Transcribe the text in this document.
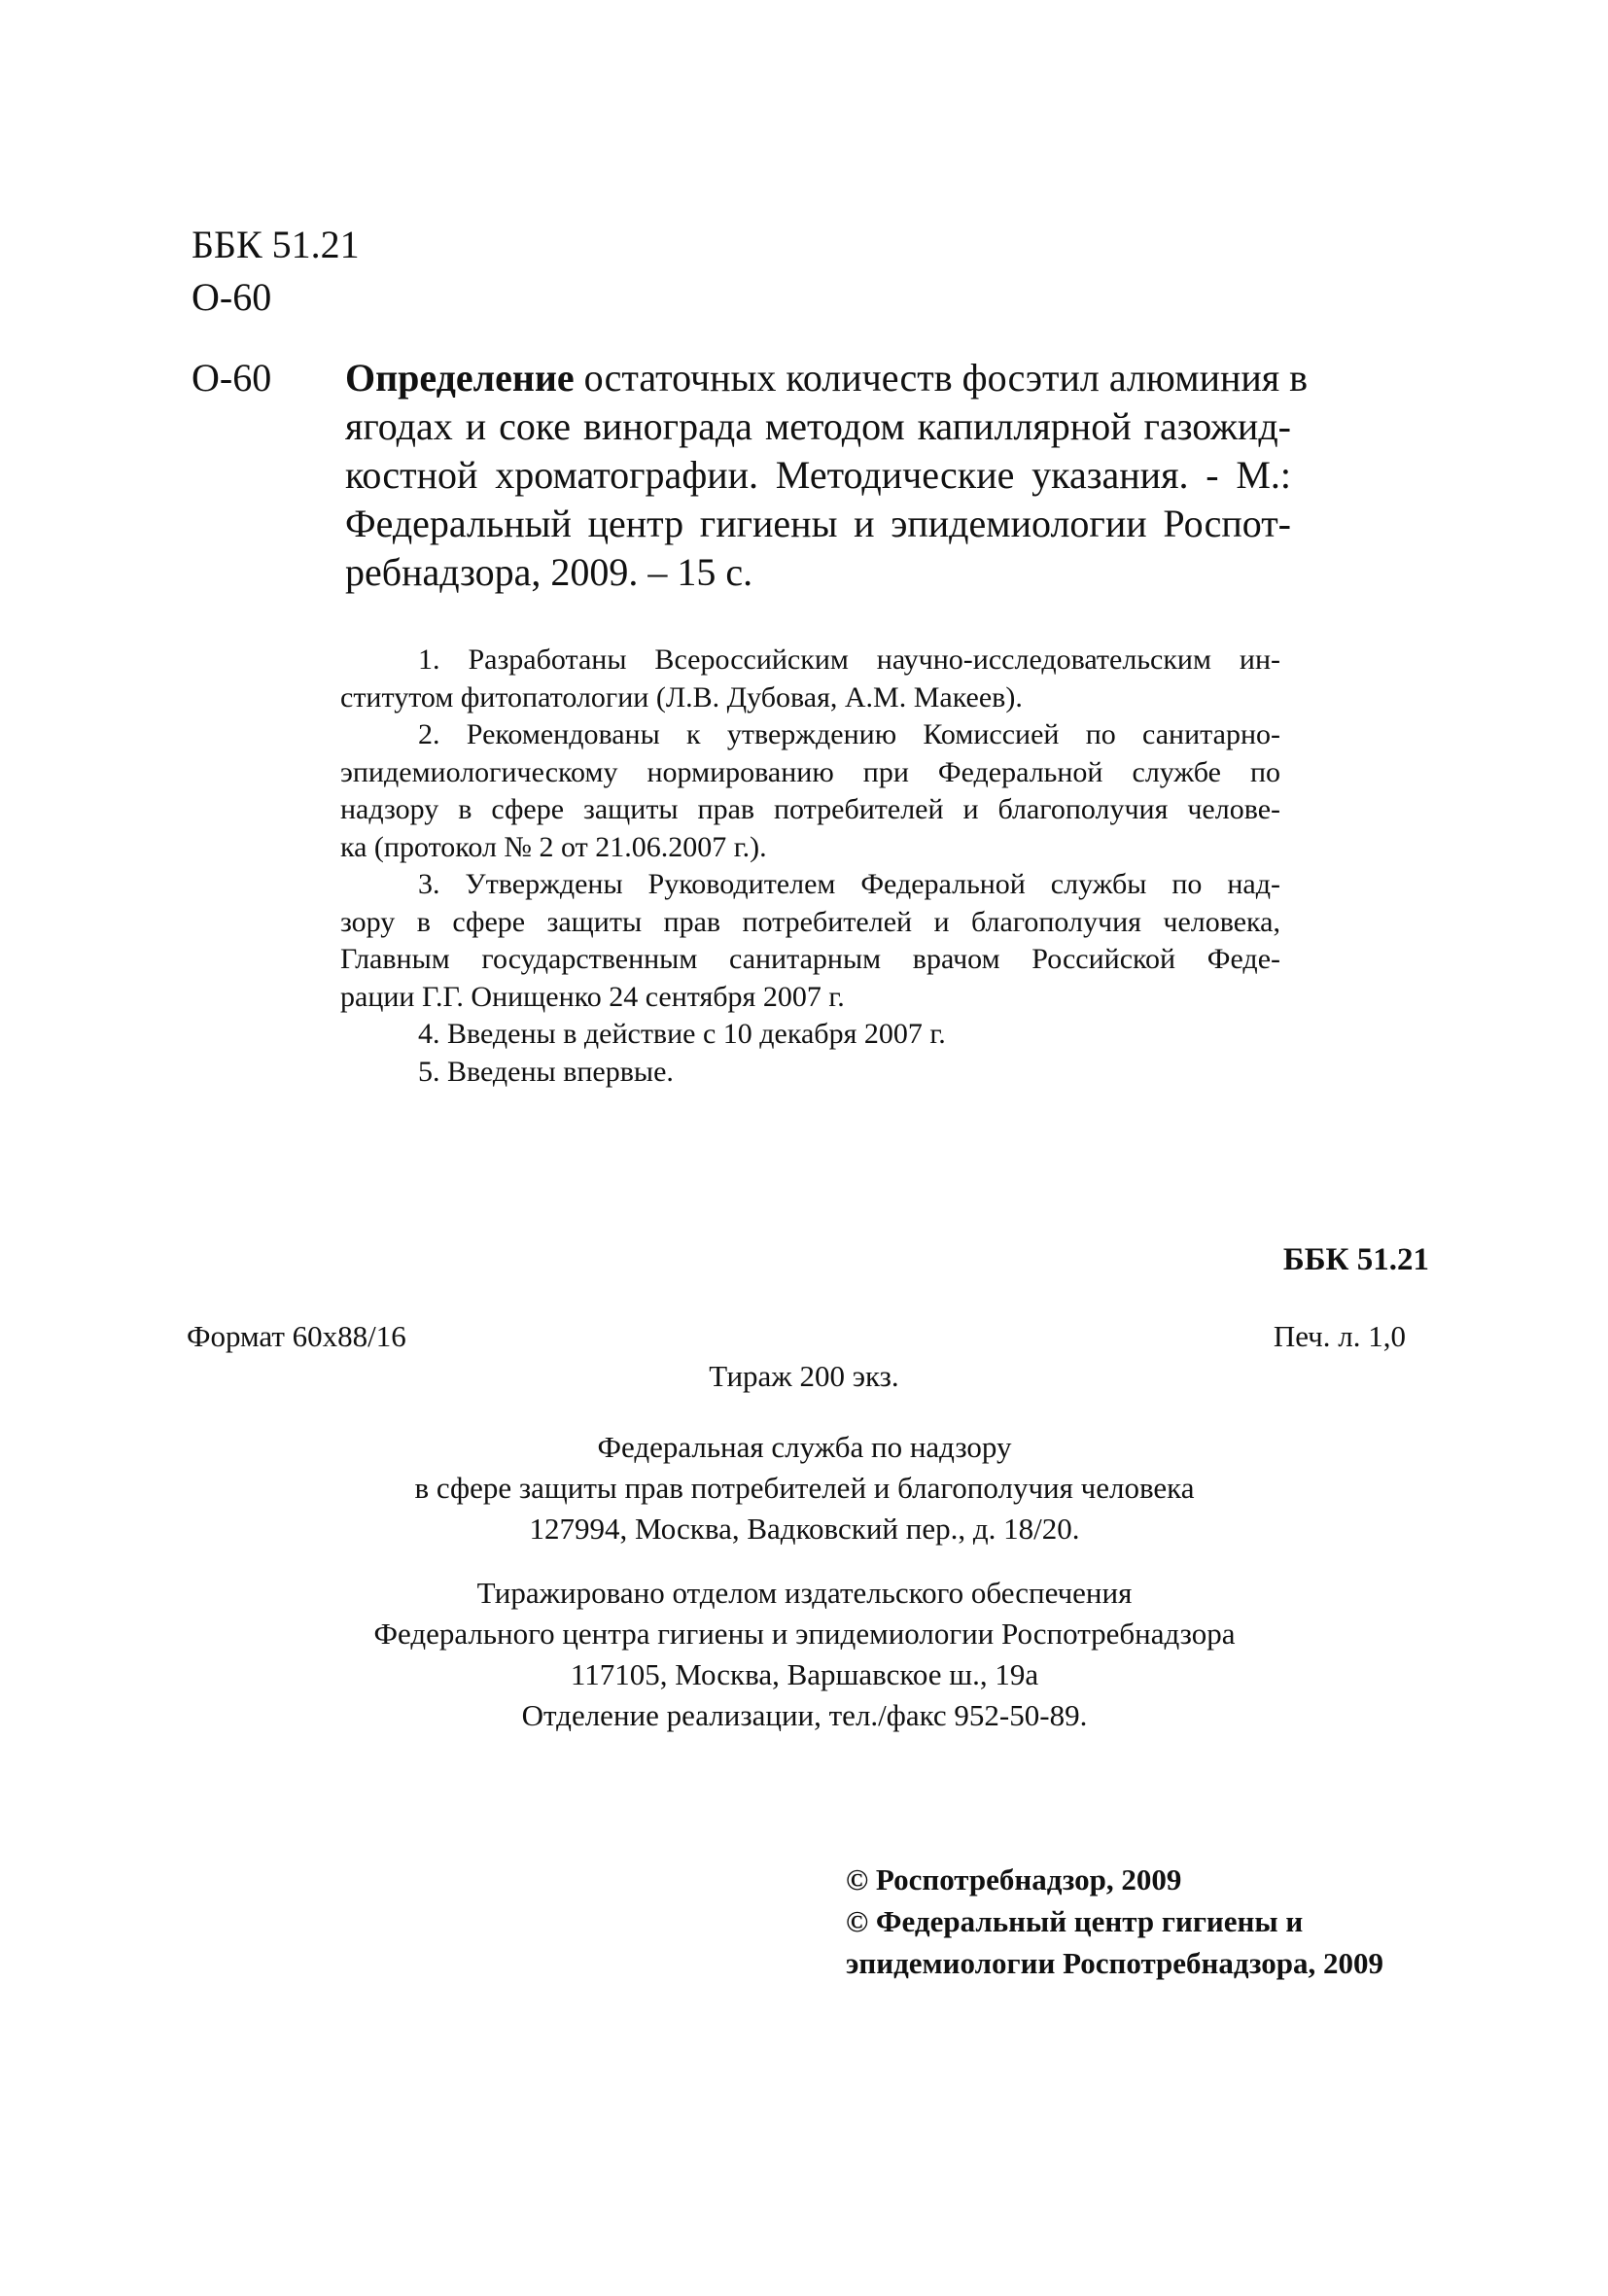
ББК 51.21
О-60
О-60 Определение остаточных количеств фосэтил алюминия в
ягодах и соке винограда методом капиллярной газожид-
костной хроматографии. Методические указания. - М.:
Федеральный центр гигиены и эпидемиологии Роспот-
ребнадзора, 2009. – 15 с.
1. Разработаны Всероссийским научно-исследовательским ин-
ститутом фитопатологии (Л.В. Дубовая, А.М. Макеев).
2. Рекомендованы к утверждению Комиссией по санитарно-
эпидемиологическому нормированию при Федеральной службе по
надзору в сфере защиты прав потребителей и благополучия челове-
ка (протокол № 2 от 21.06.2007 г.).
3. Утверждены Руководителем Федеральной службы по над-
зору в сфере защиты прав потребителей и благополучия человека,
Главным государственным санитарным врачом Российской Феде-
рации Г.Г. Онищенко 24 сентября 2007 г.
4. Введены в действие с 10 декабря 2007 г.
5. Введены впервые.
ББК 51.21
Формат 60x88/16	Печ. л. 1,0
Тираж 200 экз.
Федеральная служба по надзору
в сфере защиты прав потребителей и благополучия человека
127994, Москва, Вадковский пер., д. 18/20.
Тиражировано отделом издательского обеспечения
Федерального центра гигиены и эпидемиологии Роспотребнадзора
117105, Москва, Варшавское ш., 19а
Отделение реализации, тел./факс 952-50-89.
© Роспотребнадзор, 2009
© Федеральный центр гигиены и
эпидемиологии Роспотребнадзора, 2009
